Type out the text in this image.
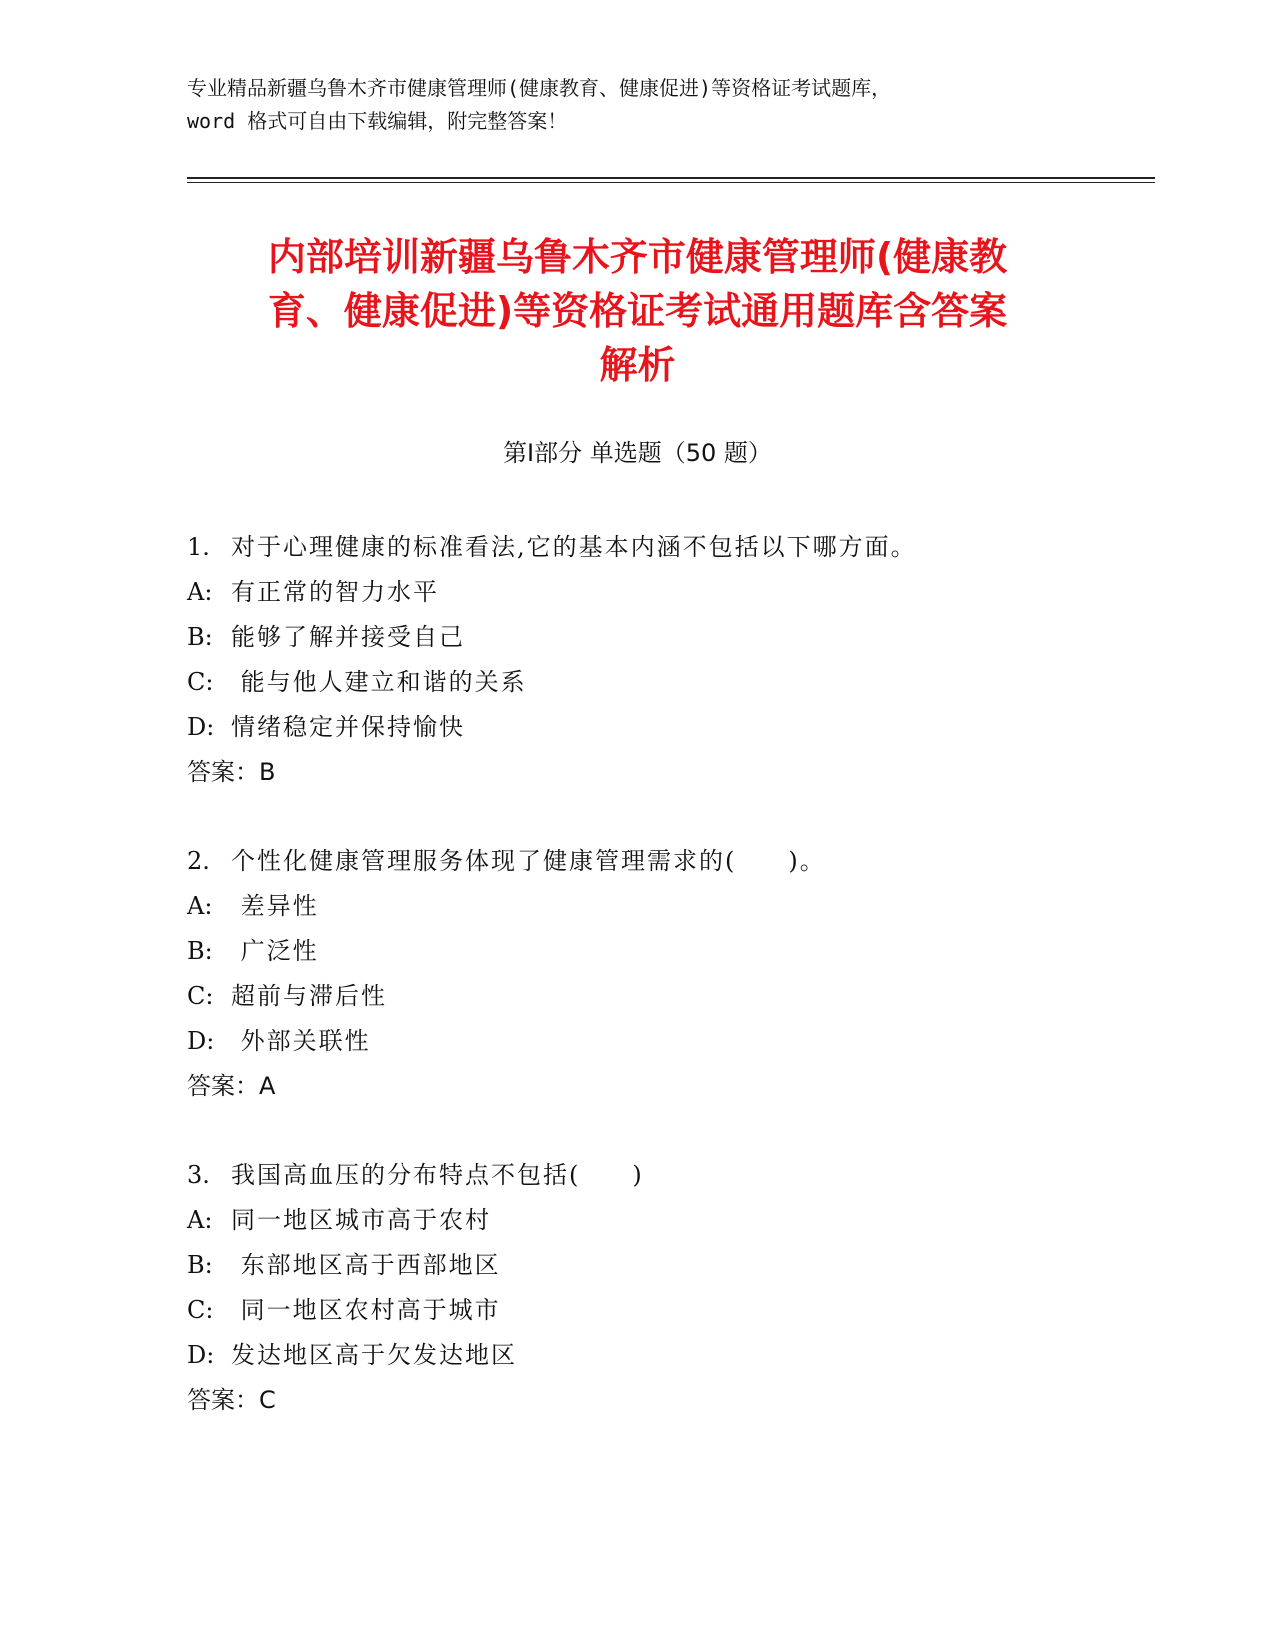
专业精品新疆乌鲁木齐市健康管理师(健康教育、健康促进)等资格证考试题库，
word 格式可自由下载编辑，附完整答案！
内部培训新疆乌鲁木齐市健康管理师(健康教
育、健康促进)等资格证考试通用题库含答案
解析
第Ⅰ部分 单选题（50 题）
1. 对于心理健康的标准看法,它的基本内涵不包括以下哪方面。
A: 有正常的智力水平
B: 能够了解并接受自己
C: 能与他人建立和谐的关系
D: 情绪稳定并保持愉快
答案：B
2. 个性化健康管理服务体现了健康管理需求的(　　)。
A: 差异性
B: 广泛性
C: 超前与滞后性
D: 外部关联性
答案：A
3. 我国高血压的分布特点不包括(　　)
A: 同一地区城市高于农村
B: 东部地区高于西部地区
C: 同一地区农村高于城市
D: 发达地区高于欠发达地区
答案：C
